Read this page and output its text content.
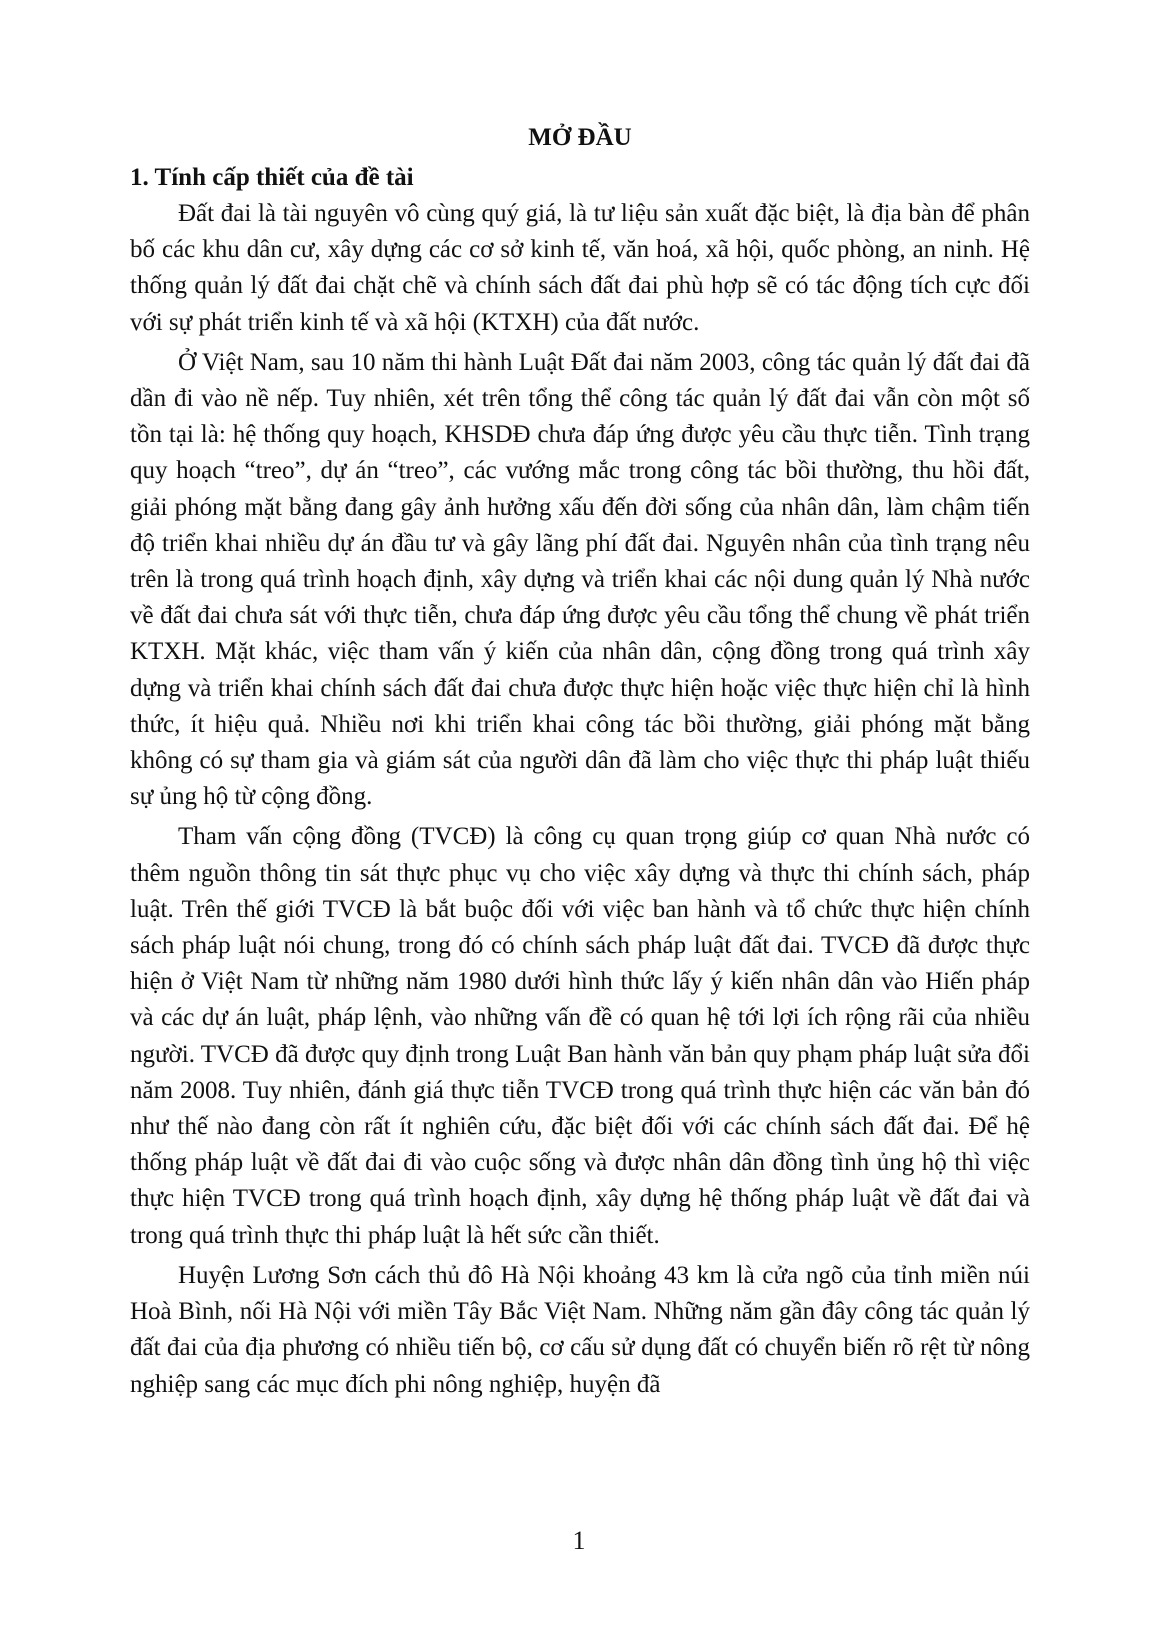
MỞ ĐẦU
1. Tính cấp thiết của đề tài

Đất đai là tài nguyên vô cùng quý giá, là tư liệu sản xuất đặc biệt, là địa bàn để phân bố các khu dân cư, xây dựng các cơ sở kinh tế, văn hoá, xã hội, quốc phòng, an ninh. Hệ thống quản lý đất đai chặt chẽ và chính sách đất đai phù hợp sẽ có tác động tích cực đối với sự phát triển kinh tế và xã hội (KTXH) của đất nước.

Ở Việt Nam, sau 10 năm thi hành Luật Đất đai năm 2003, công tác quản lý đất đai đã dần đi vào nề nếp. Tuy nhiên, xét trên tổng thể công tác quản lý đất đai vẫn còn một số tồn tại là: hệ thống quy hoạch, KHSDĐ chưa đáp ứng được yêu cầu thực tiễn. Tình trạng quy hoạch “treo”, dự án “treo”, các vướng mắc trong công tác bồi thường, thu hồi đất, giải phóng mặt bằng đang gây ảnh hưởng xấu đến đời sống của nhân dân, làm chậm tiến độ triển khai nhiều dự án đầu tư và gây lãng phí đất đai. Nguyên nhân của tình trạng nêu trên là trong quá trình hoạch định, xây dựng và triển khai các nội dung quản lý Nhà nước về đất đai chưa sát với thực tiễn, chưa đáp ứng được yêu cầu tổng thể chung về phát triển KTXH. Mặt khác, việc tham vấn ý kiến của nhân dân, cộng đồng trong quá trình xây dựng và triển khai chính sách đất đai chưa được thực hiện hoặc việc thực hiện chỉ là hình thức, ít hiệu quả. Nhiều nơi khi triển khai công tác bồi thường, giải phóng mặt bằng không có sự tham gia và giám sát của người dân đã làm cho việc thực thi pháp luật thiếu sự ủng hộ từ cộng đồng.

Tham vấn cộng đồng (TVCĐ) là công cụ quan trọng giúp cơ quan Nhà nước có thêm nguồn thông tin sát thực phục vụ cho việc xây dựng và thực thi chính sách, pháp luật. Trên thế giới TVCĐ là bắt buộc đối với việc ban hành và tổ chức thực hiện chính sách pháp luật nói chung, trong đó có chính sách pháp luật đất đai. TVCĐ đã được thực hiện ở Việt Nam từ những năm 1980 dưới hình thức lấy ý kiến nhân dân vào Hiến pháp và các dự án luật, pháp lệnh, vào những vấn đề có quan hệ tới lợi ích rộng rãi của nhiều người. TVCĐ đã được quy định trong Luật Ban hành văn bản quy phạm pháp luật sửa đổi năm 2008. Tuy nhiên, đánh giá thực tiễn TVCĐ trong quá trình thực hiện các văn bản đó như thế nào đang còn rất ít nghiên cứu, đặc biệt đối với các chính sách đất đai. Để hệ thống pháp luật về đất đai đi vào cuộc sống và được nhân dân đồng tình ủng hộ thì việc thực hiện TVCĐ trong quá trình hoạch định, xây dựng hệ thống pháp luật về đất đai và trong quá trình thực thi pháp luật là hết sức cần thiết.

Huyện Lương Sơn cách thủ đô Hà Nội khoảng 43 km là cửa ngõ của tỉnh miền núi Hoà Bình, nối Hà Nội với miền Tây Bắc Việt Nam. Những năm gần đây công tác quản lý đất đai của địa phương có nhiều tiến bộ, cơ cấu sử dụng đất có chuyển biến rõ rệt từ nông nghiệp sang các mục đích phi nông nghiệp, huyện đã

1
